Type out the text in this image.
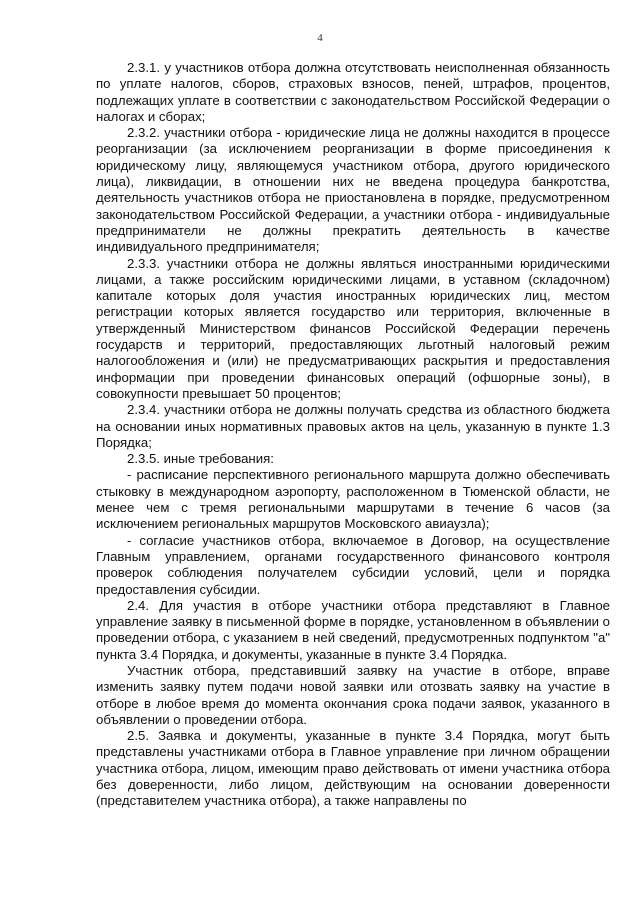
4

2.3.1. у участников отбора должна отсутствовать неисполненная обязанность по уплате налогов, сборов, страховых взносов, пеней, штрафов, процентов, подлежащих уплате в соответствии с законодательством Российской Федерации о налогах и сборах;

2.3.2. участники отбора - юридические лица не должны находится в процессе реорганизации (за исключением реорганизации в форме присоединения к юридическому лицу, являющемуся участником отбора, другого юридического лица), ликвидации, в отношении них не введена процедура банкротства, деятельность участников отбора не приостановлена в порядке, предусмотренном законодательством Российской Федерации, а участники отбора - индивидуальные предприниматели не должны прекратить деятельность в качестве индивидуального предпринимателя;

2.3.3. участники отбора не должны являться иностранными юридическими лицами, а также российским юридическими лицами, в уставном (складочном) капитале которых доля участия иностранных юридических лиц, местом регистрации которых является государство или территория, включенные в утвержденный Министерством финансов Российской Федерации перечень государств и территорий, предоставляющих льготный налоговый режим налогообложения и (или) не предусматривающих раскрытия и предоставления информации при проведении финансовых операций (офшорные зоны), в совокупности превышает 50 процентов;

2.3.4. участники отбора не должны получать средства из областного бюджета на основании иных нормативных правовых актов на цель, указанную в пункте 1.3 Порядка;

2.3.5. иные требования:

- расписание перспективного регионального маршрута должно обеспечивать стыковку в международном аэропорту, расположенном в Тюменской области, не менее чем с тремя региональными маршрутами в течение 6 часов (за исключением региональных маршрутов Московского авиаузла);

- согласие участников отбора, включаемое в Договор, на осуществление Главным управлением, органами государственного финансового контроля проверок соблюдения получателем субсидии условий, цели и порядка предоставления субсидии.

2.4. Для участия в отборе участники отбора представляют в Главное управление заявку в письменной форме в порядке, установленном в объявлении о проведении отбора, с указанием в ней сведений, предусмотренных подпунктом "а" пункта 3.4 Порядка, и документы, указанные в пункте 3.4 Порядка.

Участник отбора, представивший заявку на участие в отборе, вправе изменить заявку путем подачи новой заявки или отозвать заявку на участие в отборе в любое время до момента окончания срока подачи заявок, указанного в объявлении о проведении отбора.

2.5. Заявка и документы, указанные в пункте 3.4 Порядка, могут быть представлены участниками отбора в Главное управление при личном обращении участника отбора, лицом, имеющим право действовать от имени участника отбора без доверенности, либо лицом, действующим на основании доверенности (представителем участника отбора), а также направлены по
